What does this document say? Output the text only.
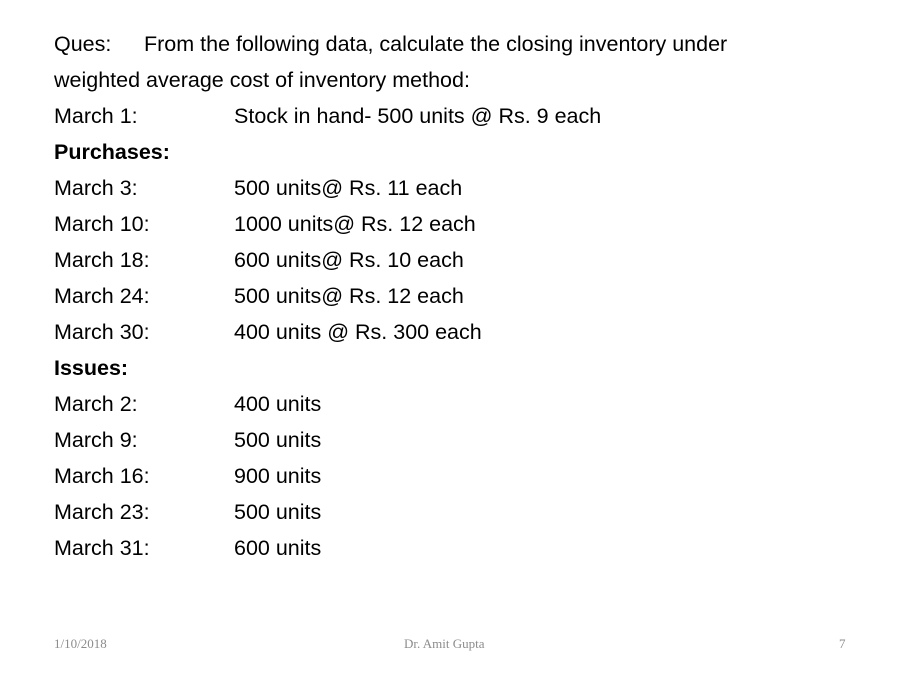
Ques: From the following data, calculate the closing inventory under
weighted average cost of inventory method:
March 1:	Stock in hand- 500 units @ Rs. 9 each
Purchases:
March 3:	500 units@ Rs. 11 each
March 10:	1000 units@ Rs. 12 each
March 18:	600 units@ Rs. 10 each
March 24:	500 units@ Rs. 12 each
March 30:	400 units @ Rs. 300 each
Issues:
March 2:	400 units
March 9:	500 units
March 16:	900 units
March 23:	500 units
March 31:	600 units
1/10/2018	Dr. Amit Gupta	7
